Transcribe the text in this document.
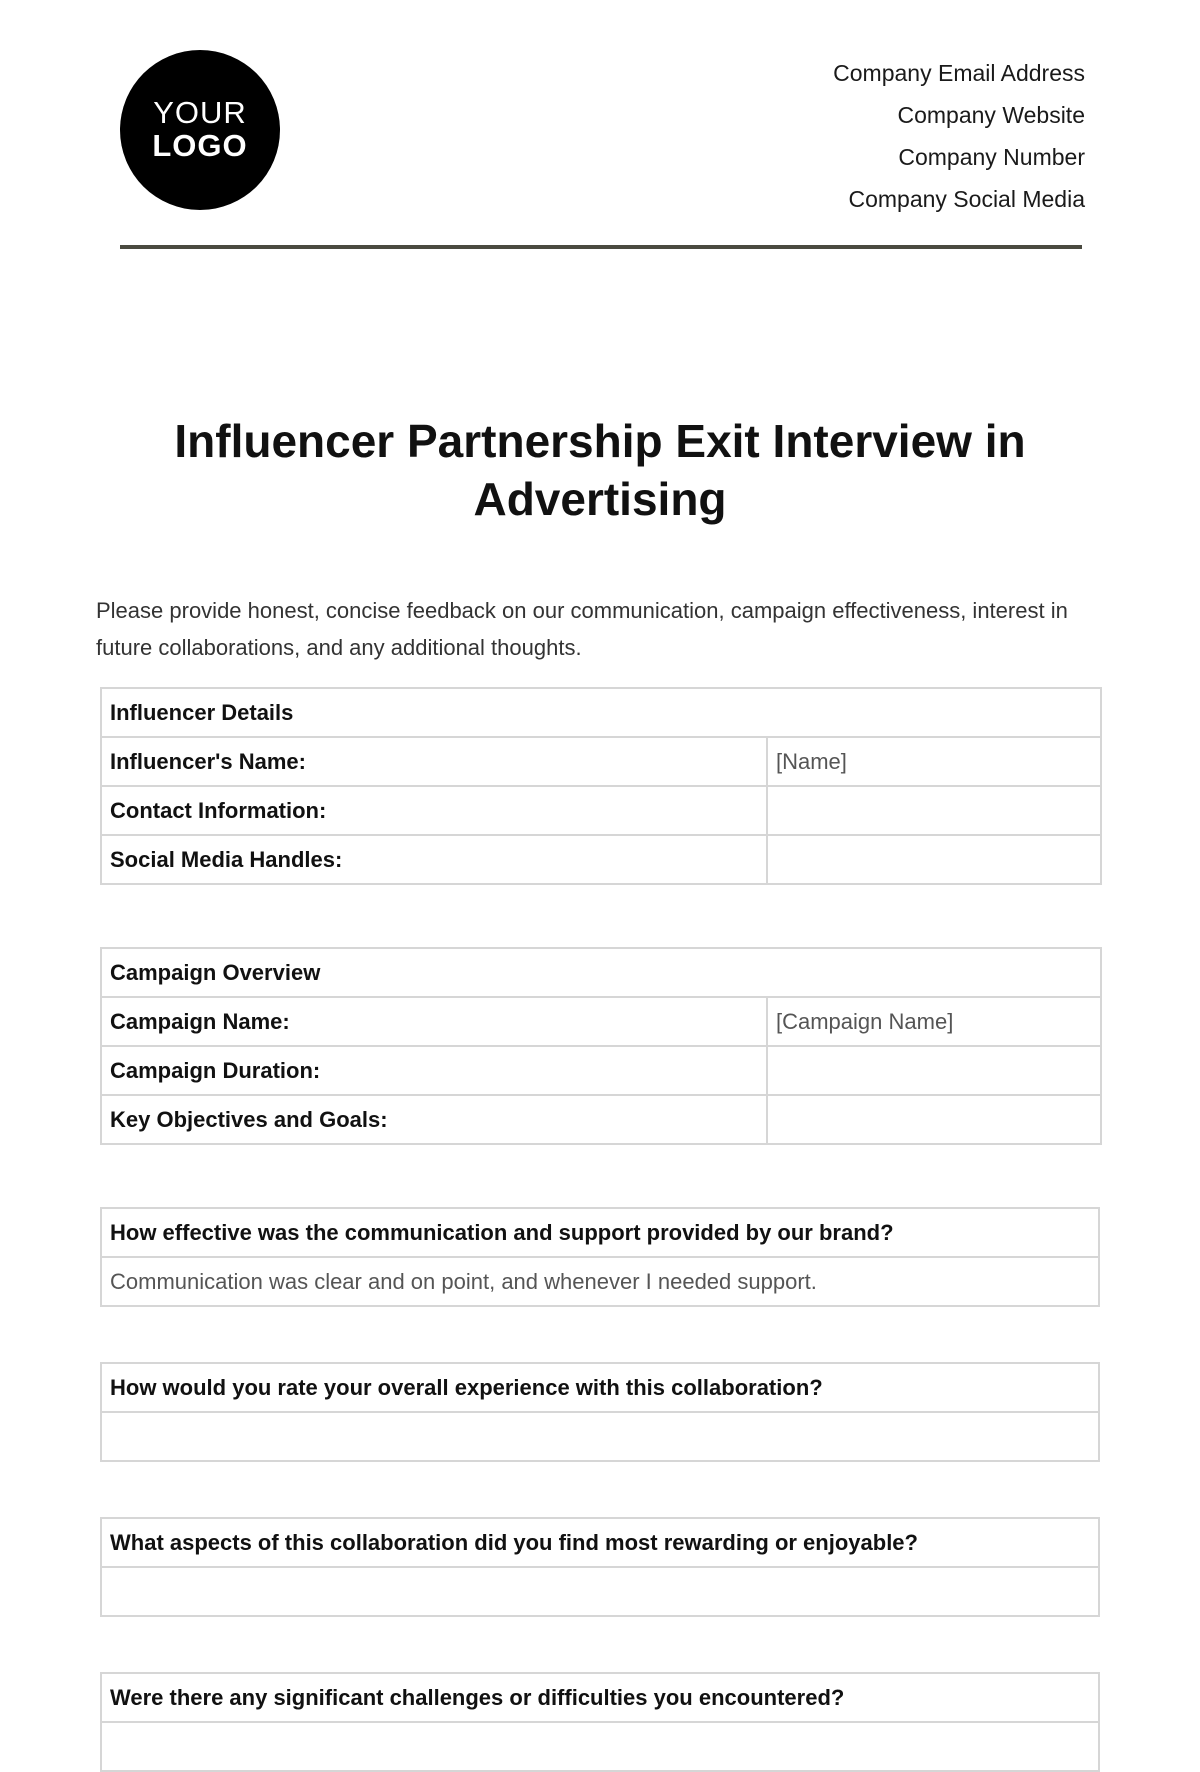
YOUR
LOGO
Company Email Address
Company Website
Company Number
Company Social Media
Influencer Partnership Exit Interview in Advertising

Please provide honest, concise feedback on our communication, campaign effectiveness, interest in future collaborations, and any additional thoughts.

Influencer Details	
Influencer's Name:	[Name]
Contact Information:	
Social Media Handles:	
Campaign Overview	
Campaign Name:	[Campaign Name]
Campaign Duration:	
Key Objectives and Goals:	
How effective was the communication and support provided by our brand?
Communication was clear and on point, and whenever I needed support.
How would you rate your overall experience with this collaboration?

What aspects of this collaboration did you find most rewarding or enjoyable?

Were there any significant challenges or difficulties you encountered?
